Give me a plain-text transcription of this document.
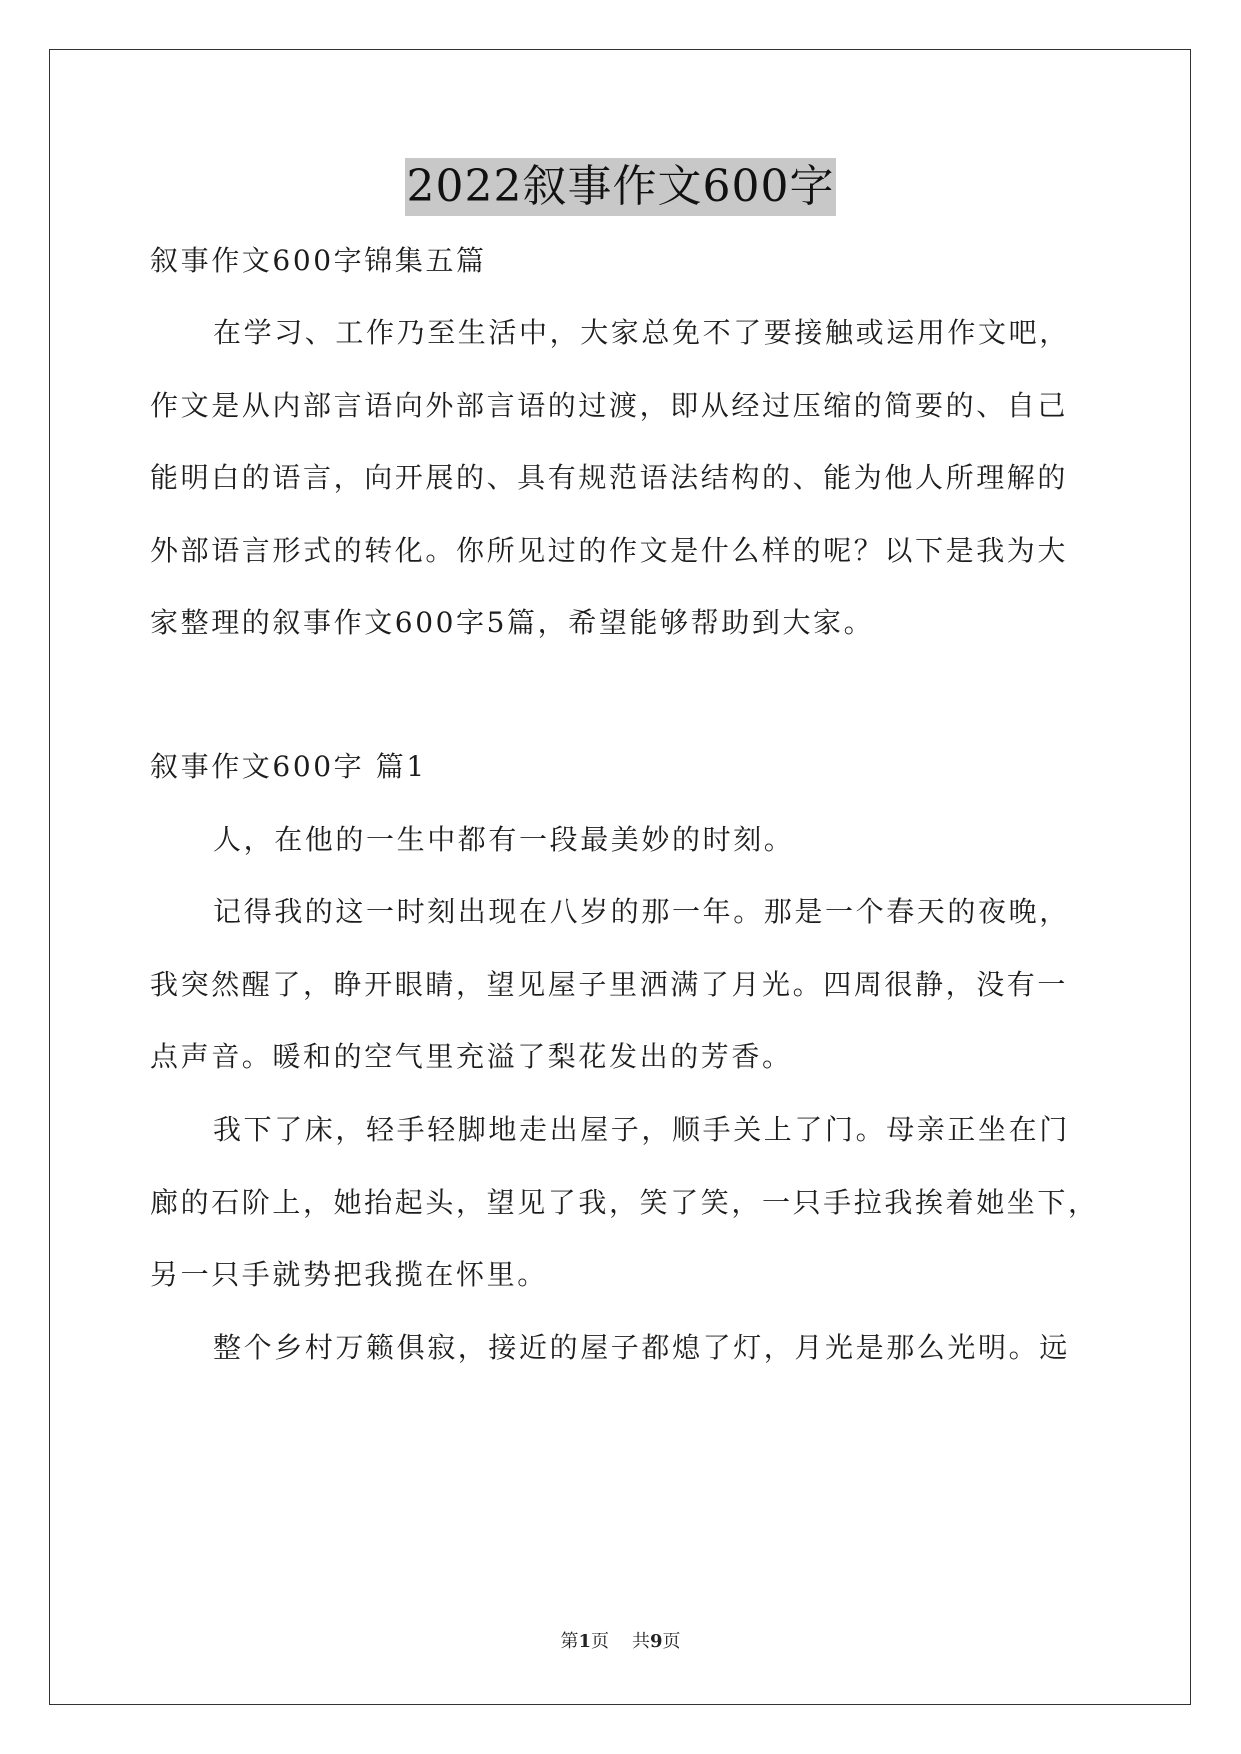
2022叙事作文600字
叙事作文600字锦集五篇
在学习、工作乃至生活中，大家总免不了要接触或运用作文吧，
作文是从内部言语向外部言语的过渡，即从经过压缩的简要的、自己
能明白的语言，向开展的、具有规范语法结构的、能为他人所理解的
外部语言形式的转化。你所见过的作文是什么样的呢？以下是我为大
家整理的叙事作文600字5篇，希望能够帮助到大家。
叙事作文600字 篇1
人，在他的一生中都有一段最美妙的时刻。
记得我的这一时刻出现在八岁的那一年。那是一个春天的夜晚，
我突然醒了，睁开眼睛，望见屋子里洒满了月光。四周很静，没有一
点声音。暖和的空气里充溢了梨花发出的芳香。
我下了床，轻手轻脚地走出屋子，顺手关上了门。母亲正坐在门
廊的石阶上，她抬起头，望见了我，笑了笑，一只手拉我挨着她坐下，
另一只手就势把我揽在怀里。
整个乡村万籁俱寂，接近的屋子都熄了灯，月光是那么光明。远
第1页 共9页
